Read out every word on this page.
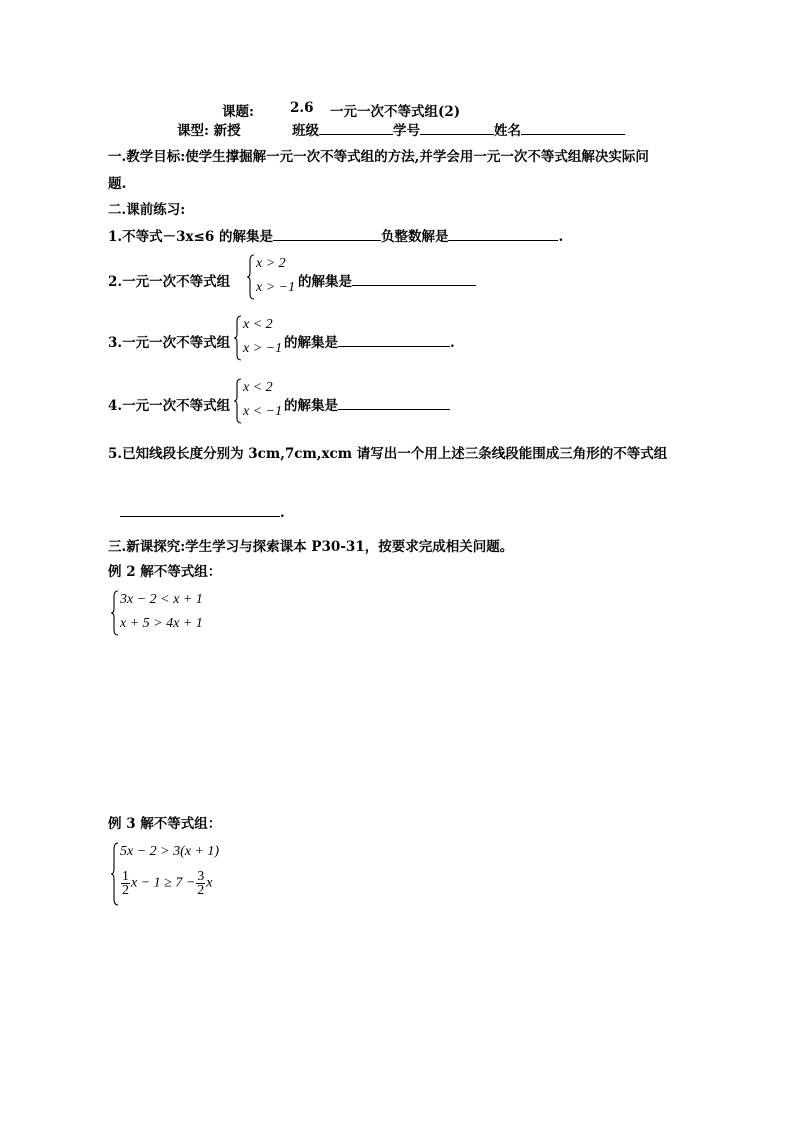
课题:	2.6 一元一次不等式组(2)
课型: 新授	班级	学号	姓名
一.教学目标:使学生撑掘解一元一次不等式组的方法,并学会用一元一次不等式组解决实际问
题.
二.课前练习:
1.不等式－3x≤6 的解集是	负整数解是	.
2.一元一次不等式组
x > 2
x > −1 的解集是
3.一元一次不等式组
x < 2
x > −1 的解集是	.
4.一元一次不等式组
x < 2
x < −1 的解集是
5.已知线段长度分别为 3cm,7cm,xcm 请写出一个用上述三条线段能围成三角形的不等式组
.
三.新课探究:学生学习与探索课本 P30-31，按要求完成相关问题。
例 2 解不等式组：
3x − 2 < x + 1
x + 5 > 4x + 1
例 3 解不等式组：
5x − 2 > 3(x + 1)
$\frac{1}{2}$ $x - 1 \ge 7 - \frac{3}{2}$ x
